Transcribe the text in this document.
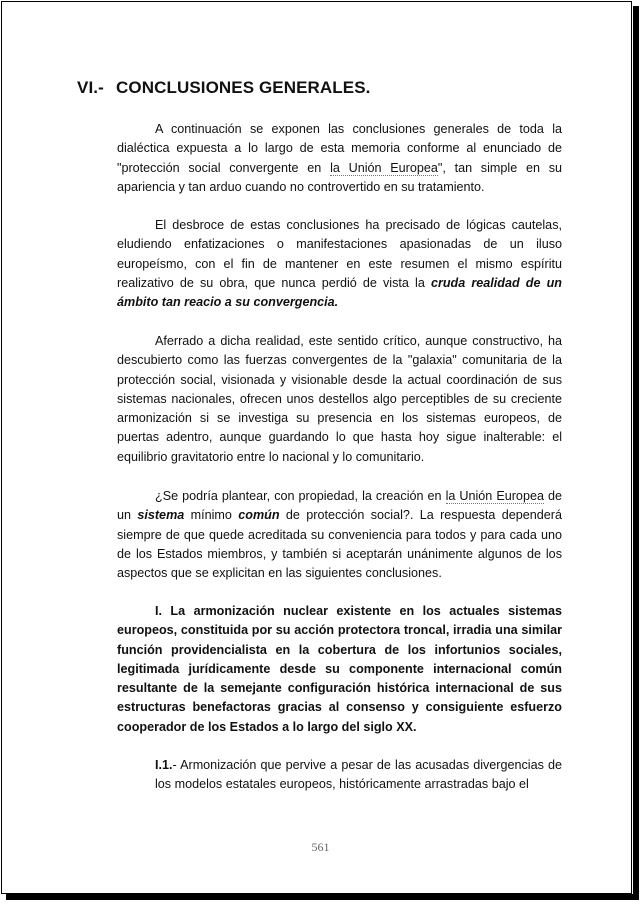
VI.- CONCLUSIONES GENERALES.

A continuación se exponen las conclusiones generales de toda la dialéctica expuesta a lo largo de esta memoria conforme al enunciado de "protección social convergente en la Unión Europea", tan simple en su apariencia y tan arduo cuando no controvertido en su tratamiento.

El desbroce de estas conclusiones ha precisado de lógicas cautelas, eludiendo enfatizaciones o manifestaciones apasionadas de un iluso europeísmo, con el fin de mantener en este resumen el mismo espíritu realizativo de su obra, que nunca perdió de vista la cruda realidad de un ámbito tan reacio a su convergencia.

Aferrado a dicha realidad, este sentido crítico, aunque constructivo, ha descubierto como las fuerzas convergentes de la "galaxia" comunitaria de la protección social, visionada y visionable desde la actual coordinación de sus sistemas nacionales, ofrecen unos destellos algo perceptibles de su creciente armonización si se investiga su presencia en los sistemas europeos, de puertas adentro, aunque guardando lo que hasta hoy sigue inalterable: el equilibrio gravitatorio entre lo nacional y lo comunitario.

¿Se podría plantear, con propiedad, la creación en la Unión Europea de un sistema mínimo común de protección social?. La respuesta dependerá siempre de que quede acreditada su conveniencia para todos y para cada uno de los Estados miembros, y también si aceptarán unánimente algunos de los aspectos que se explicitan en las siguientes conclusiones.

I. La armonización nuclear existente en los actuales sistemas europeos, constituida por su acción protectora troncal, irradia una similar función providencialista en la cobertura de los infortunios sociales, legitimada jurídicamente desde su componente internacional común resultante de la semejante configuración histórica internacional de sus estructuras benefactoras gracias al consenso y consiguiente esfuerzo cooperador de los Estados a lo largo del siglo XX.

I.1.- Armonización que pervive a pesar de las acusadas divergencias de los modelos estatales europeos, históricamente arrastradas bajo el

561
